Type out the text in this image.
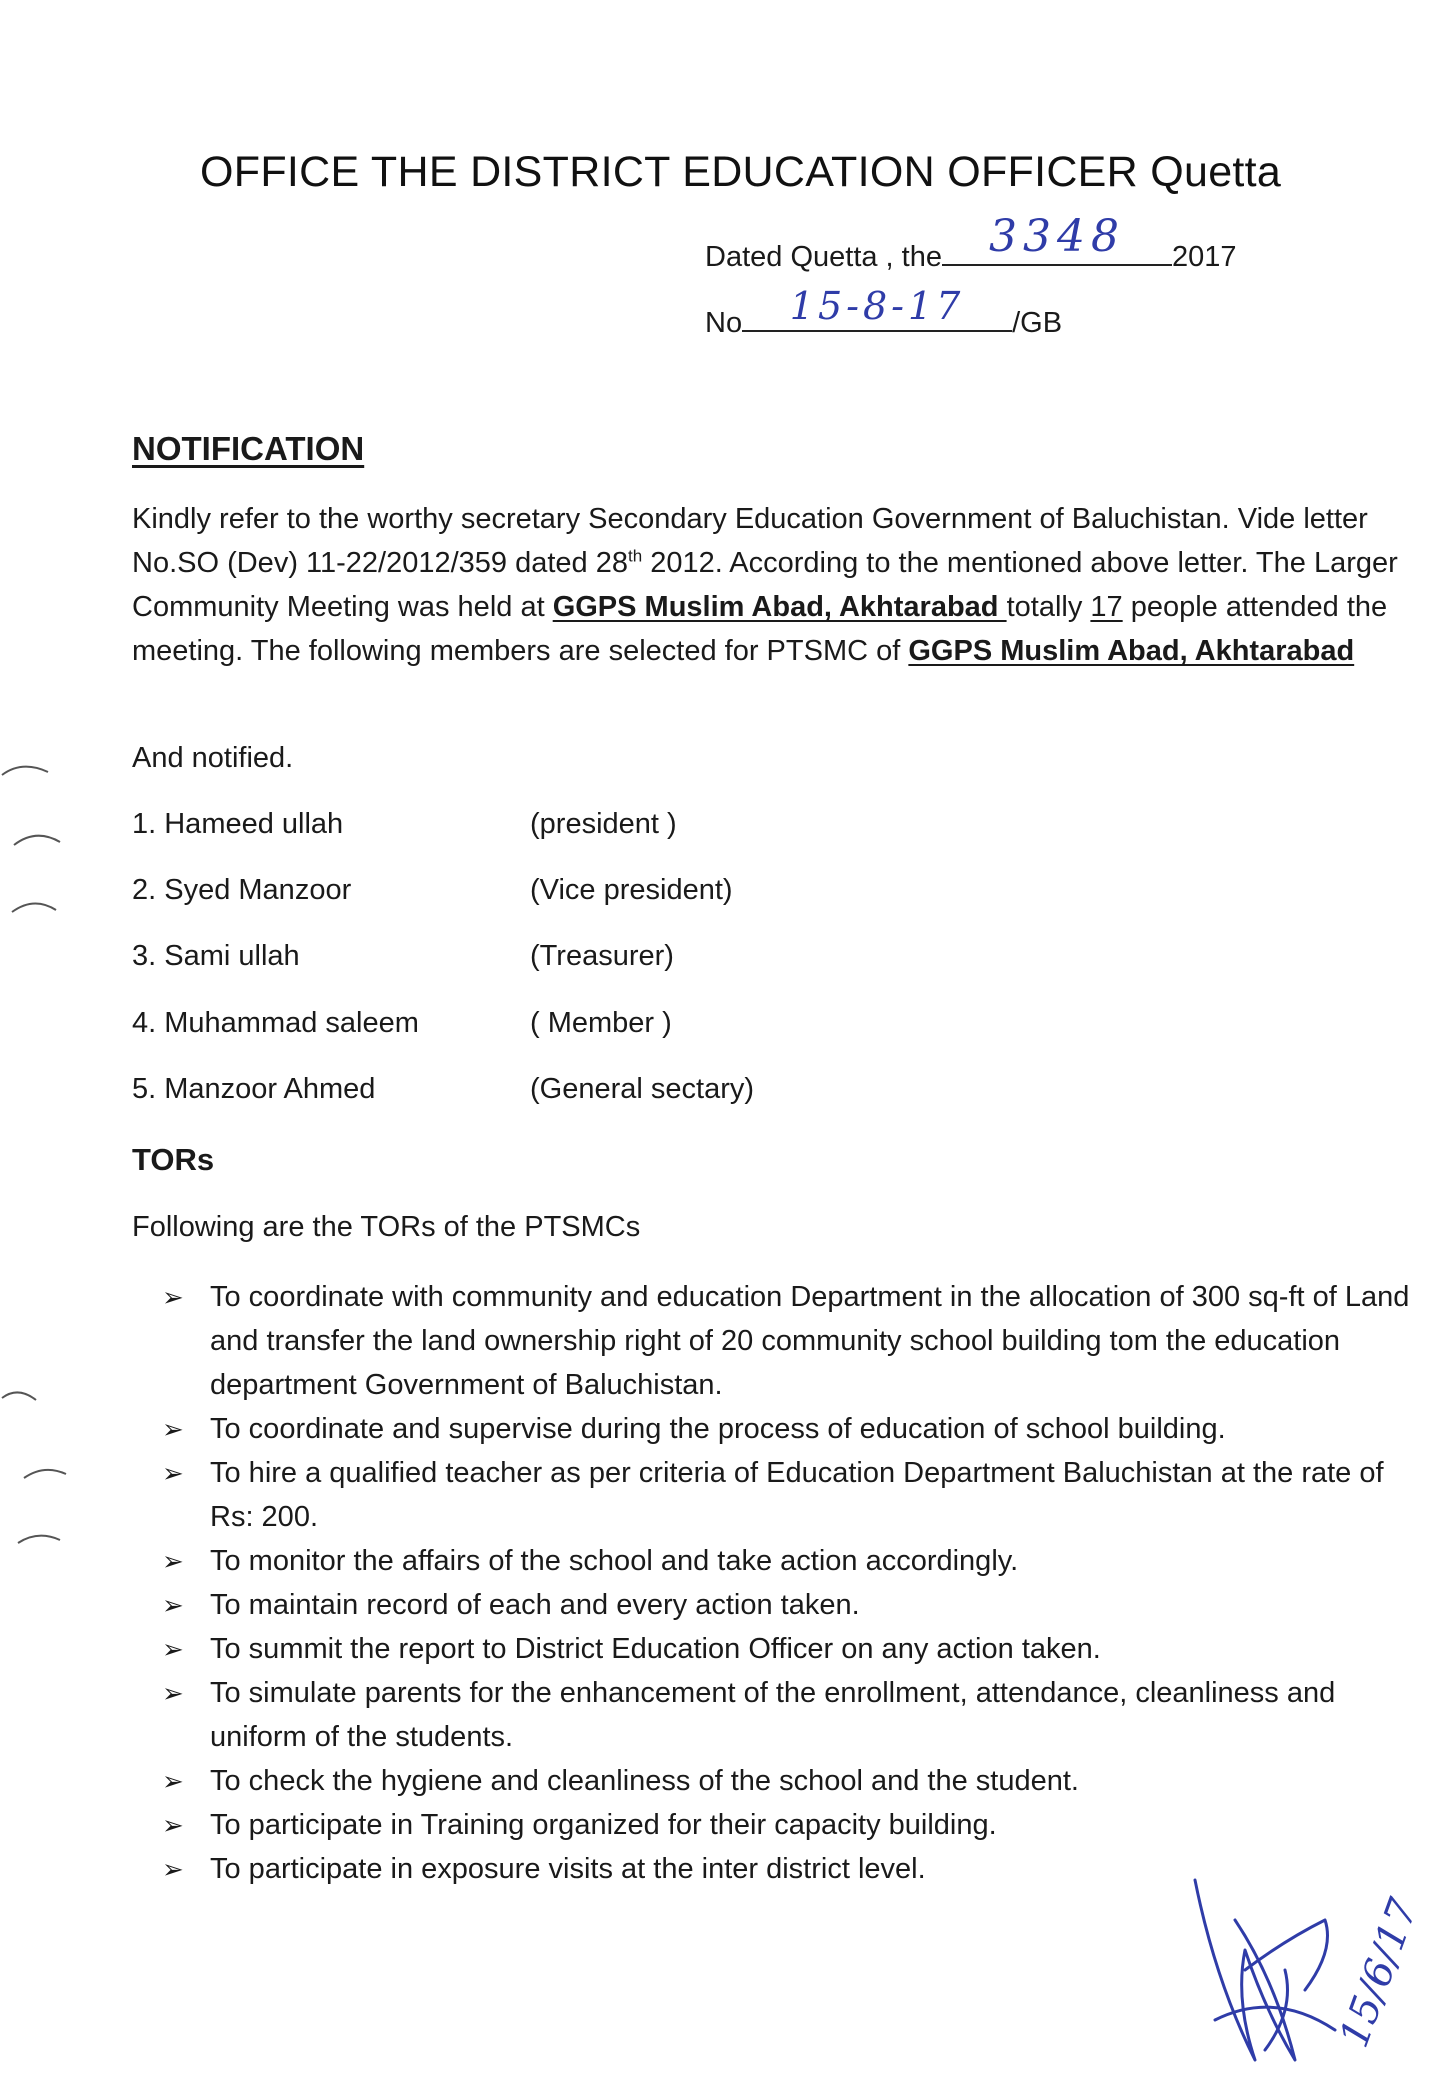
OFFICE THE DISTRICT EDUCATION OFFICER Quetta
Dated Quetta , the	3348	2017
No	15-8-17	/GB
NOTIFICATION
Kindly refer to the worthy secretary Secondary Education Government of Baluchistan. Vide letter No.SO (Dev) 11-22/2012/359 dated 28th 2012. According to the mentioned above letter. The Larger Community Meeting was held at GGPS Muslim Abad, Akhtarabad totally 17 people attended the meeting. The following members are selected for PTSMC of GGPS Muslim Abad, Akhtarabad
And notified.
1. Hameed ullah	(president )
2. Syed Manzoor	(Vice president)
3. Sami ullah	(Treasurer)
4. Muhammad saleem	( Member )
5. Manzoor Ahmed	(General sectary)
TORs
Following are the TORs of the PTSMCs
➢ To coordinate with community and education Department in the allocation of 300 sq-ft of Land and transfer the land ownership right of 20 community school building tom the education department Government of Baluchistan.
➢ To coordinate and supervise during the process of education of school building.
➢ To hire a qualified teacher as per criteria of Education Department Baluchistan at the rate of Rs: 200.
➢ To monitor the affairs of the school and take action accordingly.
➢ To maintain record of each and every action taken.
➢ To summit the report to District Education Officer on any action taken.
➢ To simulate parents for the enhancement of the enrollment, attendance, cleanliness and uniform of the students.
➢ To check the hygiene and cleanliness of the school and the student.
➢ To participate in Training organized for their capacity building.
➢ To participate in exposure visits at the inter district level.
15/6/17
